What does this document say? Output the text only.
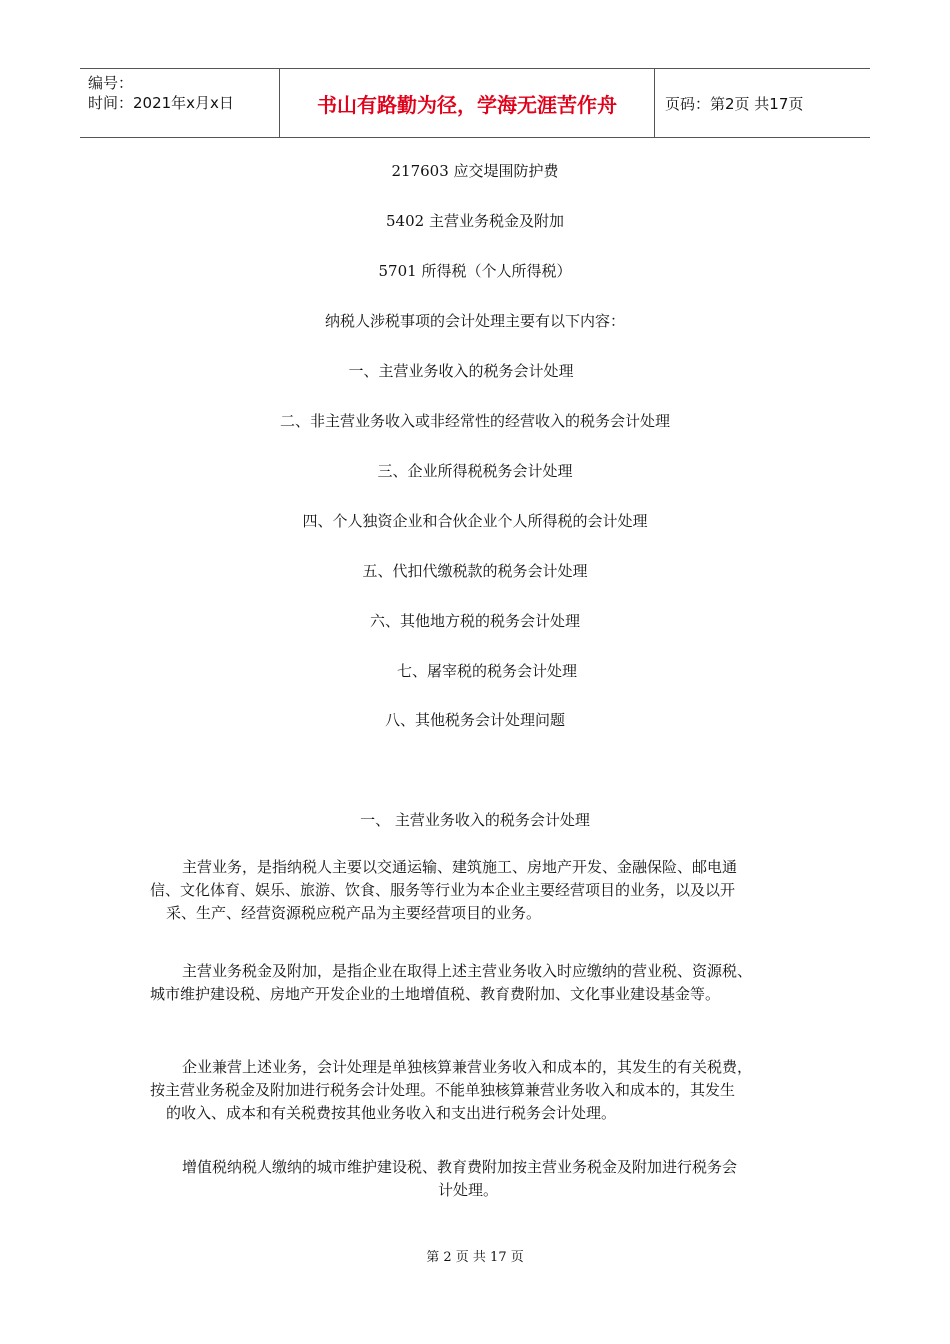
编号：
时间：2021年x月x日	书山有路勤为径，学海无涯苦作舟	页码：第2页 共17页
217603 应交堤围防护费
5402 主营业务税金及附加
5701 所得税（个人所得税）
纳税人涉税事项的会计处理主要有以下内容：
一、主营业务收入的税务会计处理
二、非主营业务收入或非经常性的经营收入的税务会计处理
三、企业所得税税务会计处理
四、个人独资企业和合伙企业个人所得税的会计处理
五、代扣代缴税款的税务会计处理
六、其他地方税的税务会计处理
七、屠宰税的税务会计处理
八、其他税务会计处理问题
一、 主营业务收入的税务会计处理
主营业务，是指纳税人主要以交通运输、建筑施工、房地产开发、金融保险、邮电通
信、文化体育、娱乐、旅游、饮食、服务等行业为本企业主要经营项目的业务，以及以开
采、生产、经营资源税应税产品为主要经营项目的业务。
主营业务税金及附加，是指企业在取得上述主营业务收入时应缴纳的营业税、资源税、
城市维护建设税、房地产开发企业的土地增值税、教育费附加、文化事业建设基金等。
企业兼营上述业务，会计处理是单独核算兼营业务收入和成本的，其发生的有关税费，
按主营业务税金及附加进行税务会计处理。不能单独核算兼营业务收入和成本的，其发生
的收入、成本和有关税费按其他业务收入和支出进行税务会计处理。
增值税纳税人缴纳的城市维护建设税、教育费附加按主营业务税金及附加进行税务会
计处理。
第 2 页 共 17 页
